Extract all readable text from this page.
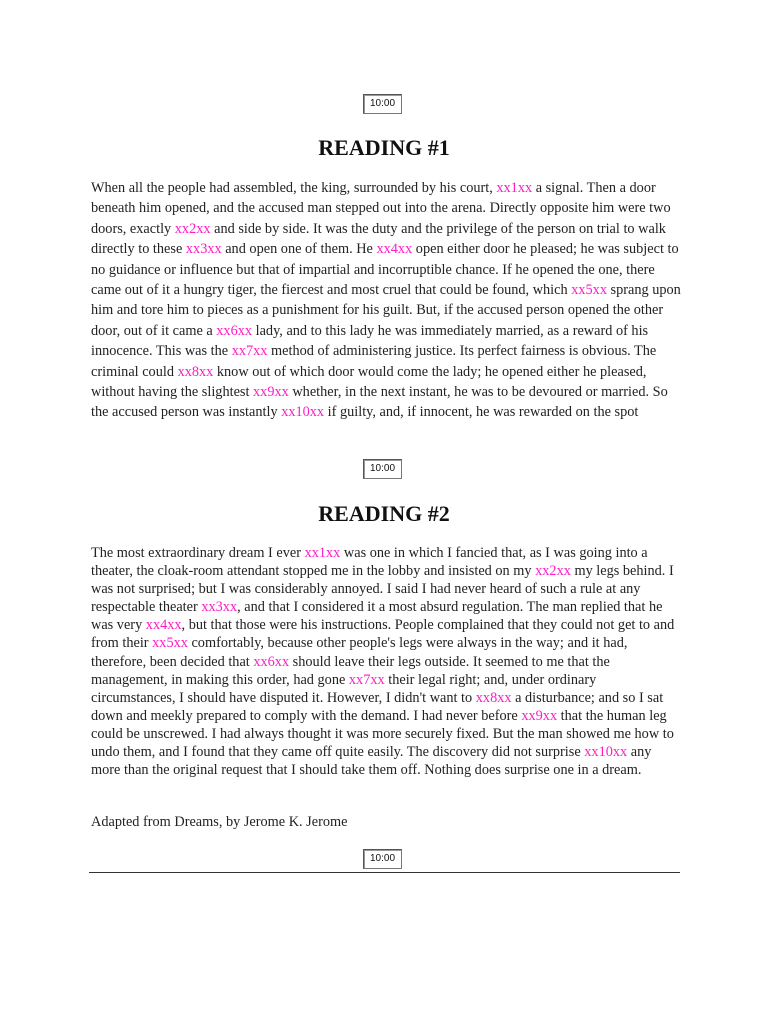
10:00
READING #1

When all the people had assembled, the king, surrounded by his court, xx1xx a signal. Then a door beneath him opened, and the accused man stepped out into the arena. Directly opposite him were two doors, exactly xx2xx and side by side. It was the duty and the privilege of the person on trial to walk directly to these xx3xx and open one of them. He xx4xx open either door he pleased; he was subject to no guidance or influence but that of impartial and incorruptible chance. If he opened the one, there came out of it a hungry tiger, the fiercest and most cruel that could be found, which xx5xx sprang upon him and tore him to pieces as a punishment for his guilt. But, if the accused person opened the other door, out of it came a xx6xx lady, and to this lady he was immediately married, as a reward of his innocence. This was the xx7xx method of administering justice. Its perfect fairness is obvious. The criminal could xx8xx know out of which door would come the lady; he opened either he pleased, without having the slightest xx9xx whether, in the next instant, he was to be devoured or married. So the accused person was instantly xx10xx if guilty, and, if innocent, he was rewarded on the spot

10:00
READING #2

The most extraordinary dream I ever xx1xx was one in which I fancied that, as I was going into a theater, the cloak-room attendant stopped me in the lobby and insisted on my xx2xx my legs behind. I was not surprised; but I was considerably annoyed. I said I had never heard of such a rule at any respectable theater xx3xx, and that I considered it a most absurd regulation. The man replied that he was very xx4xx, but that those were his instructions. People complained that they could not get to and from their xx5xx comfortably, because other people's legs were always in the way; and it had, therefore, been decided that xx6xx should leave their legs outside. It seemed to me that the management, in making this order, had gone xx7xx their legal right; and, under ordinary circumstances, I should have disputed it. However, I didn't want to xx8xx a disturbance; and so I sat down and meekly prepared to comply with the demand. I had never before xx9xx that the human leg could be unscrewed. I had always thought it was more securely fixed. But the man showed me how to undo them, and I found that they came off quite easily. The discovery did not surprise xx10xx any more than the original request that I should take them off. Nothing does surprise one in a dream.

Adapted from Dreams, by Jerome K. Jerome

10:00
